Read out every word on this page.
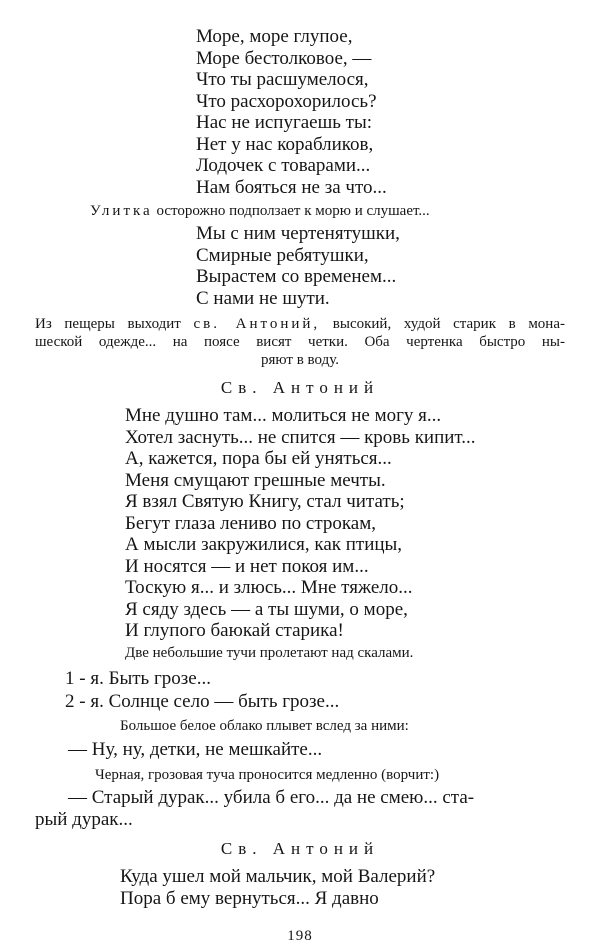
Море, море глупое,
Море бестолковое, —
Что ты расшумелося,
Что расхорохорилось?
Нас не испугаешь ты:
Нет у нас корабликов,
Лодочек с товарами...
Нам бояться не за что...
Улитка осторожно подползает к морю и слушает...
Мы с ним чертенятушки,
Смирные ребятушки,
Вырастем со временем...
С нами не шути.
Из пещеры выходит св. Антоний, высокий, худой старик в мона-
шеской одежде... на поясе висят четки. Оба чертенка быстро ны-
ряют в воду.
Св. Антоний
Мне душно там... молиться не могу я...
Хотел заснуть... не спится — кровь кипит...
А, кажется, пора бы ей уняться...
Меня смущают грешные мечты.
Я взял Святую Книгу, стал читать;
Бегут глаза лениво по строкам,
А мысли закружилися, как птицы,
И носятся — и нет покоя им...
Тоскую я... и злюсь... Мне тяжело...
Я сяду здесь — а ты шуми, о море,
И глупого баюкай старика!
Две небольшие тучи пролетают над скалами.
1 - я. Быть грозе...
2 - я. Солнце село — быть грозе...
Большое белое облако плывет вслед за ними:
— Ну, ну, детки, не мешкайте...
Черная, грозовая туча проносится медленно (ворчит:)
— Старый дурак... убила б его... да не смею... ста-
рый дурак...
Св. Антоний
Куда ушел мой мальчик, мой Валерий?
Пора б ему вернуться... Я давно
198
